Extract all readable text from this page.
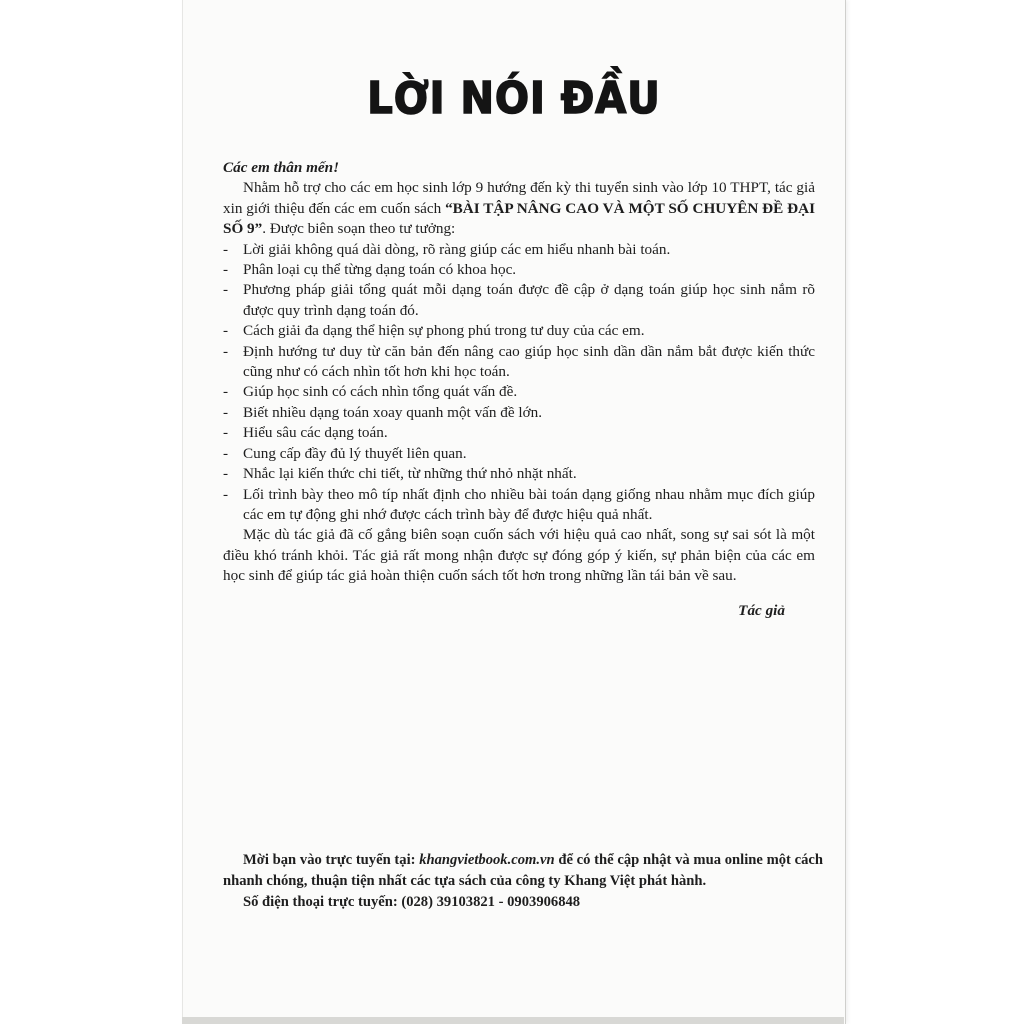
LỜI NÓI ĐẦU

Các em thân mến!

Nhằm hỗ trợ cho các em học sinh lớp 9 hướng đến kỳ thi tuyển sinh vào lớp 10 THPT, tác giả xin giới thiệu đến các em cuốn sách “BÀI TẬP NÂNG CAO VÀ MỘT SỐ CHUYÊN ĐỀ ĐẠI SỐ 9”. Được biên soạn theo tư tưởng:

- Lời giải không quá dài dòng, rõ ràng giúp các em hiểu nhanh bài toán.

- Phân loại cụ thể từng dạng toán có khoa học.

- Phương pháp giải tổng quát mỗi dạng toán được đề cập ở dạng toán giúp học sinh nắm rõ được quy trình dạng toán đó.

- Cách giải đa dạng thể hiện sự phong phú trong tư duy của các em.

- Định hướng tư duy từ căn bản đến nâng cao giúp học sinh dần dần nắm bắt được kiến thức cũng như có cách nhìn tốt hơn khi học toán.

- Giúp học sinh có cách nhìn tổng quát vấn đề.

- Biết nhiều dạng toán xoay quanh một vấn đề lớn.

- Hiểu sâu các dạng toán.

- Cung cấp đầy đủ lý thuyết liên quan.

- Nhắc lại kiến thức chi tiết, từ những thứ nhỏ nhặt nhất.

- Lối trình bày theo mô típ nhất định cho nhiều bài toán dạng giống nhau nhằm mục đích giúp các em tự động ghi nhớ được cách trình bày để được hiệu quả nhất.

Mặc dù tác giả đã cố gắng biên soạn cuốn sách với hiệu quả cao nhất, song sự sai sót là một điều khó tránh khỏi. Tác giả rất mong nhận được sự đóng góp ý kiến, sự phản biện của các em học sinh để giúp tác giả hoàn thiện cuốn sách tốt hơn trong những lần tái bản về sau.

Tác giả

Mời bạn vào trực tuyến tại: khangvietbook.com.vn để có thể cập nhật và mua online một cách nhanh chóng, thuận tiện nhất các tựa sách của công ty Khang Việt phát hành.

Số điện thoại trực tuyến: (028) 39103821 - 0903906848
